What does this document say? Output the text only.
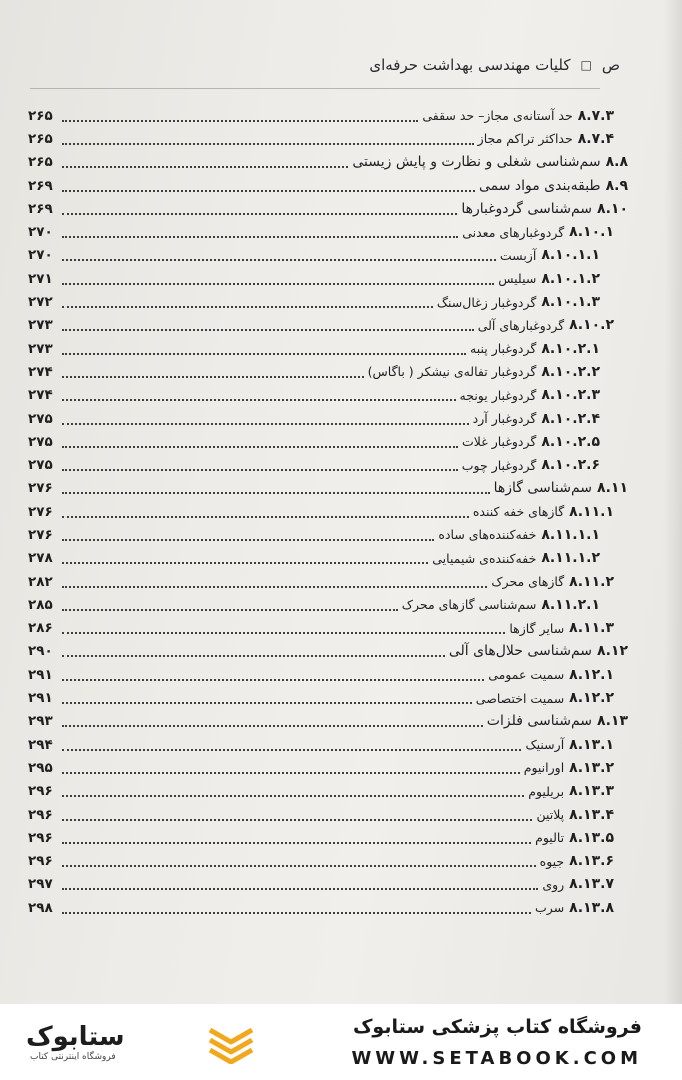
ص
□
کلیات مهندسی بهداشت حرفه‌ای
۸.۷.۳
حد آستانه‌ی مجاز– حد سقفی
۲۶۵
۸.۷.۴
حداکثر تراکم مجاز
۲۶۵
۸.۸
سم‌شناسی شغلی و نظارت و پایش زیستی
۲۶۵
۸.۹
طبقه‌بندی مواد سمی
۲۶۹
۸.۱۰
سم‌شناسی گردوغبارها
۲۶۹
۸.۱۰.۱
گردوغبارهای معدنی
۲۷۰
۸.۱۰.۱.۱
آزبست
۲۷۰
۸.۱۰.۱.۲
سیلیس
۲۷۱
۸.۱۰.۱.۳
گردوغبار زغال‌سنگ
۲۷۲
۸.۱۰.۲
گردوغبارهای آلی
۲۷۳
۸.۱۰.۲.۱
گردوغبار پنبه
۲۷۳
۸.۱۰.۲.۲
گردوغبار تفاله‌ی نیشکر ( باگاس)
۲۷۴
۸.۱۰.۲.۳
گردوغبار یونجه
۲۷۴
۸.۱۰.۲.۴
گردوغبار آرد
۲۷۵
۸.۱۰.۲.۵
گردوغبار غلات
۲۷۵
۸.۱۰.۲.۶
گردوغبار چوب
۲۷۵
۸.۱۱
سم‌شناسی گازها
۲۷۶
۸.۱۱.۱
گازهای خفه کننده
۲۷۶
۸.۱۱.۱.۱
خفه‌کننده‌های ساده
۲۷۶
۸.۱۱.۱.۲
خفه‌کننده‌ی شیمیایی
۲۷۸
۸.۱۱.۲
گازهای محرک
۲۸۲
۸.۱۱.۲.۱
سم‌شناسی گازهای محرک
۲۸۵
۸.۱۱.۳
سایر گازها
۲۸۶
۸.۱۲
سم‌شناسی حلال‌های آلی
۲۹۰
۸.۱۲.۱
سمیت عمومی
۲۹۱
۸.۱۲.۲
سمیت اختصاصی
۲۹۱
۸.۱۳
سم‌شناسی فلزات
۲۹۳
۸.۱۳.۱
آرسنیک
۲۹۴
۸.۱۳.۲
اورانیوم
۲۹۵
۸.۱۳.۳
بریلیوم
۲۹۶
۸.۱۳.۴
پلاتین
۲۹۶
۸.۱۳.۵
تالیوم
۲۹۶
۸.۱۳.۶
جیوه
۲۹۶
۸.۱۳.۷
روی
۲۹۷
۸.۱۳.۸
سرب
۲۹۸
ستابوک
فروشگاه اینترنتی کتاب
فروشگاه کتاب پزشکی ستابوک
WWW.SETABOOK.COM
